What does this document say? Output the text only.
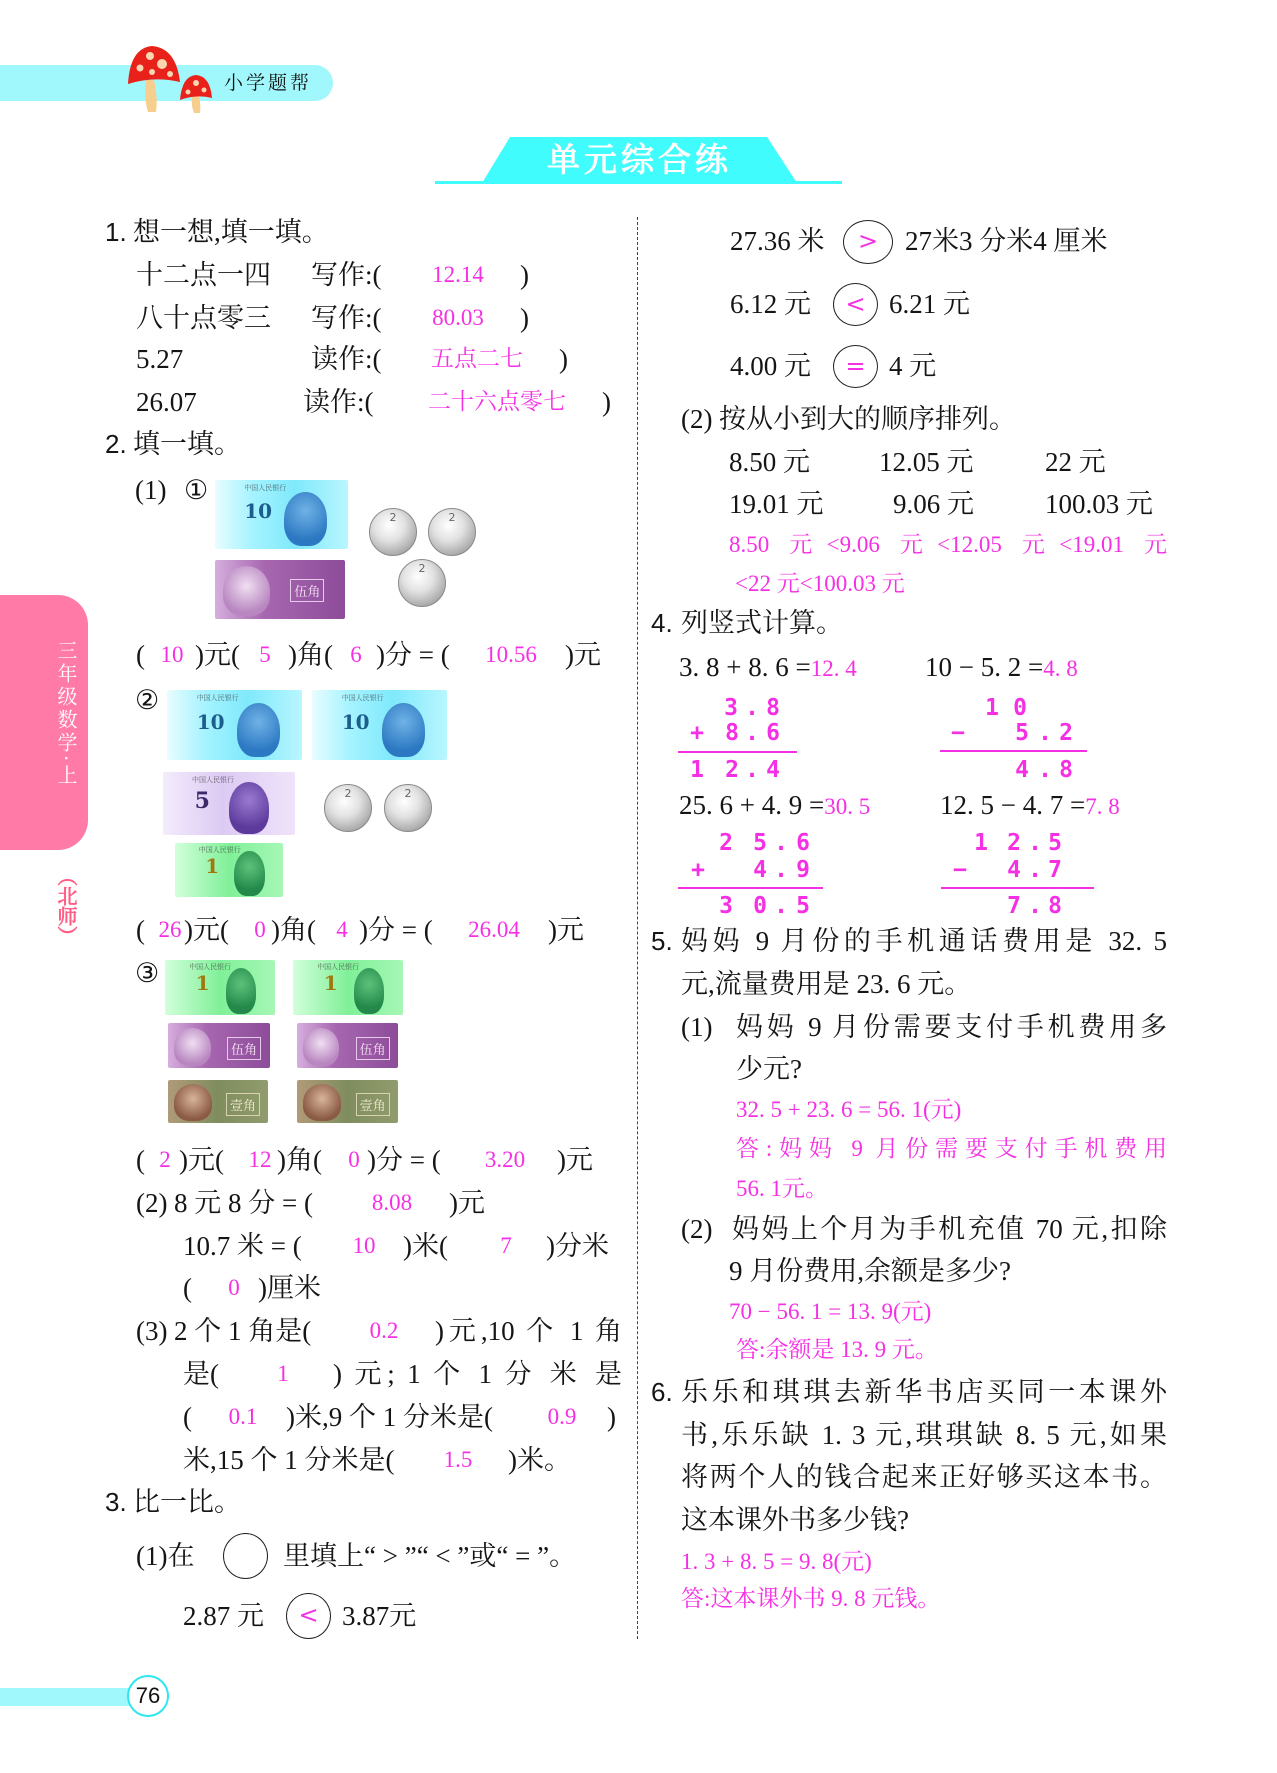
小学题帮
单元综合练
三年级数学·上
（北师）
1. 想一想,填一填。
十二点一四 写作:(	12.14	)
八十点零三 写作:(	80.03	)
5.27	读作:(	五点二七	)
26.07	读作:(	二十六点零七	)
2. 填一填。
(1) ①	中国人民银行
10
伍角
2	2
2
( 10 )元( 5 )角( 6 )分 = (	10.56	)元
②	中国人民银行
10
中国人民银行
10
中国人民银行
5	2	2
中国人民银行
1
( 26 )元(	0 )角( 4 )分 = (	26.04	)元
③	中国人民银行
1
中国人民银行
1
伍角	伍角
壹角	壹角
( 2 )元(	12 )角(	0 )分 = (	3.20	)元
(2) 8 元 8 分 = (	8.08	)元
10.7 米 = (	10	)米(	7	)分米
(	0 )厘米
(3) 2 个 1 角是(	0.2	)元,10 个 1 角
是(	1	) 元; 1 个 1 分 米 是
(	0.1	)米,9 个 1 分米是(	0.9	)
米,15 个 1 分米是(	1.5	)米。
3. 比一比。
(1)在	里填上“ > ”“ < ”或“ = ”。
2.87 元	3.87元
<
27.36 米	27米3 分米4 厘米
>
6.12 元	6.21 元
<
4.00 元	4 元
=
(2) 按从小到大的顺序排列。
8.50 元	12.05 元	22 元
19.01 元	9.06 元	100.03 元
8.50 元<9.06 元<12.05 元<19.01 元
<22 元<100.03 元
4. 列竖式计算。
3. 8 + 8. 6 =12. 4	10 − 5. 2 =4. 8
3 . 8
+ 8 . 6
1 2 . 4
1 0
− 5 . 2
4 . 8
25. 6 + 4. 9 =30. 5	12. 5 − 4. 7 =7. 8
2 5 . 6
+ 4 . 9
3 0 . 5
1 2 . 5
− 4 . 7
7 . 8
5. 妈妈 9 月份的手机通话费用是 32. 5
元,流量费用是 23. 6 元。
(1) 妈妈 9 月份需要支付手机费用多
少元?
32. 5 + 23. 6 = 56. 1(元)
答:妈妈 9 月份需要支付手机费用
56. 1元。
(2) 妈妈上个月为手机充值 70 元,扣除
9 月份费用,余额是多少?
70 − 56. 1 = 13. 9(元)
答:余额是 13. 9 元。
6. 乐乐和琪琪去新华书店买同一本课外
书,乐乐缺 1. 3 元,琪琪缺 8. 5 元,如果
将两个人的钱合起来正好够买这本书。
这本课外书多少钱?
1. 3 + 8. 5 = 9. 8(元)
答:这本课外书 9. 8 元钱。
76
